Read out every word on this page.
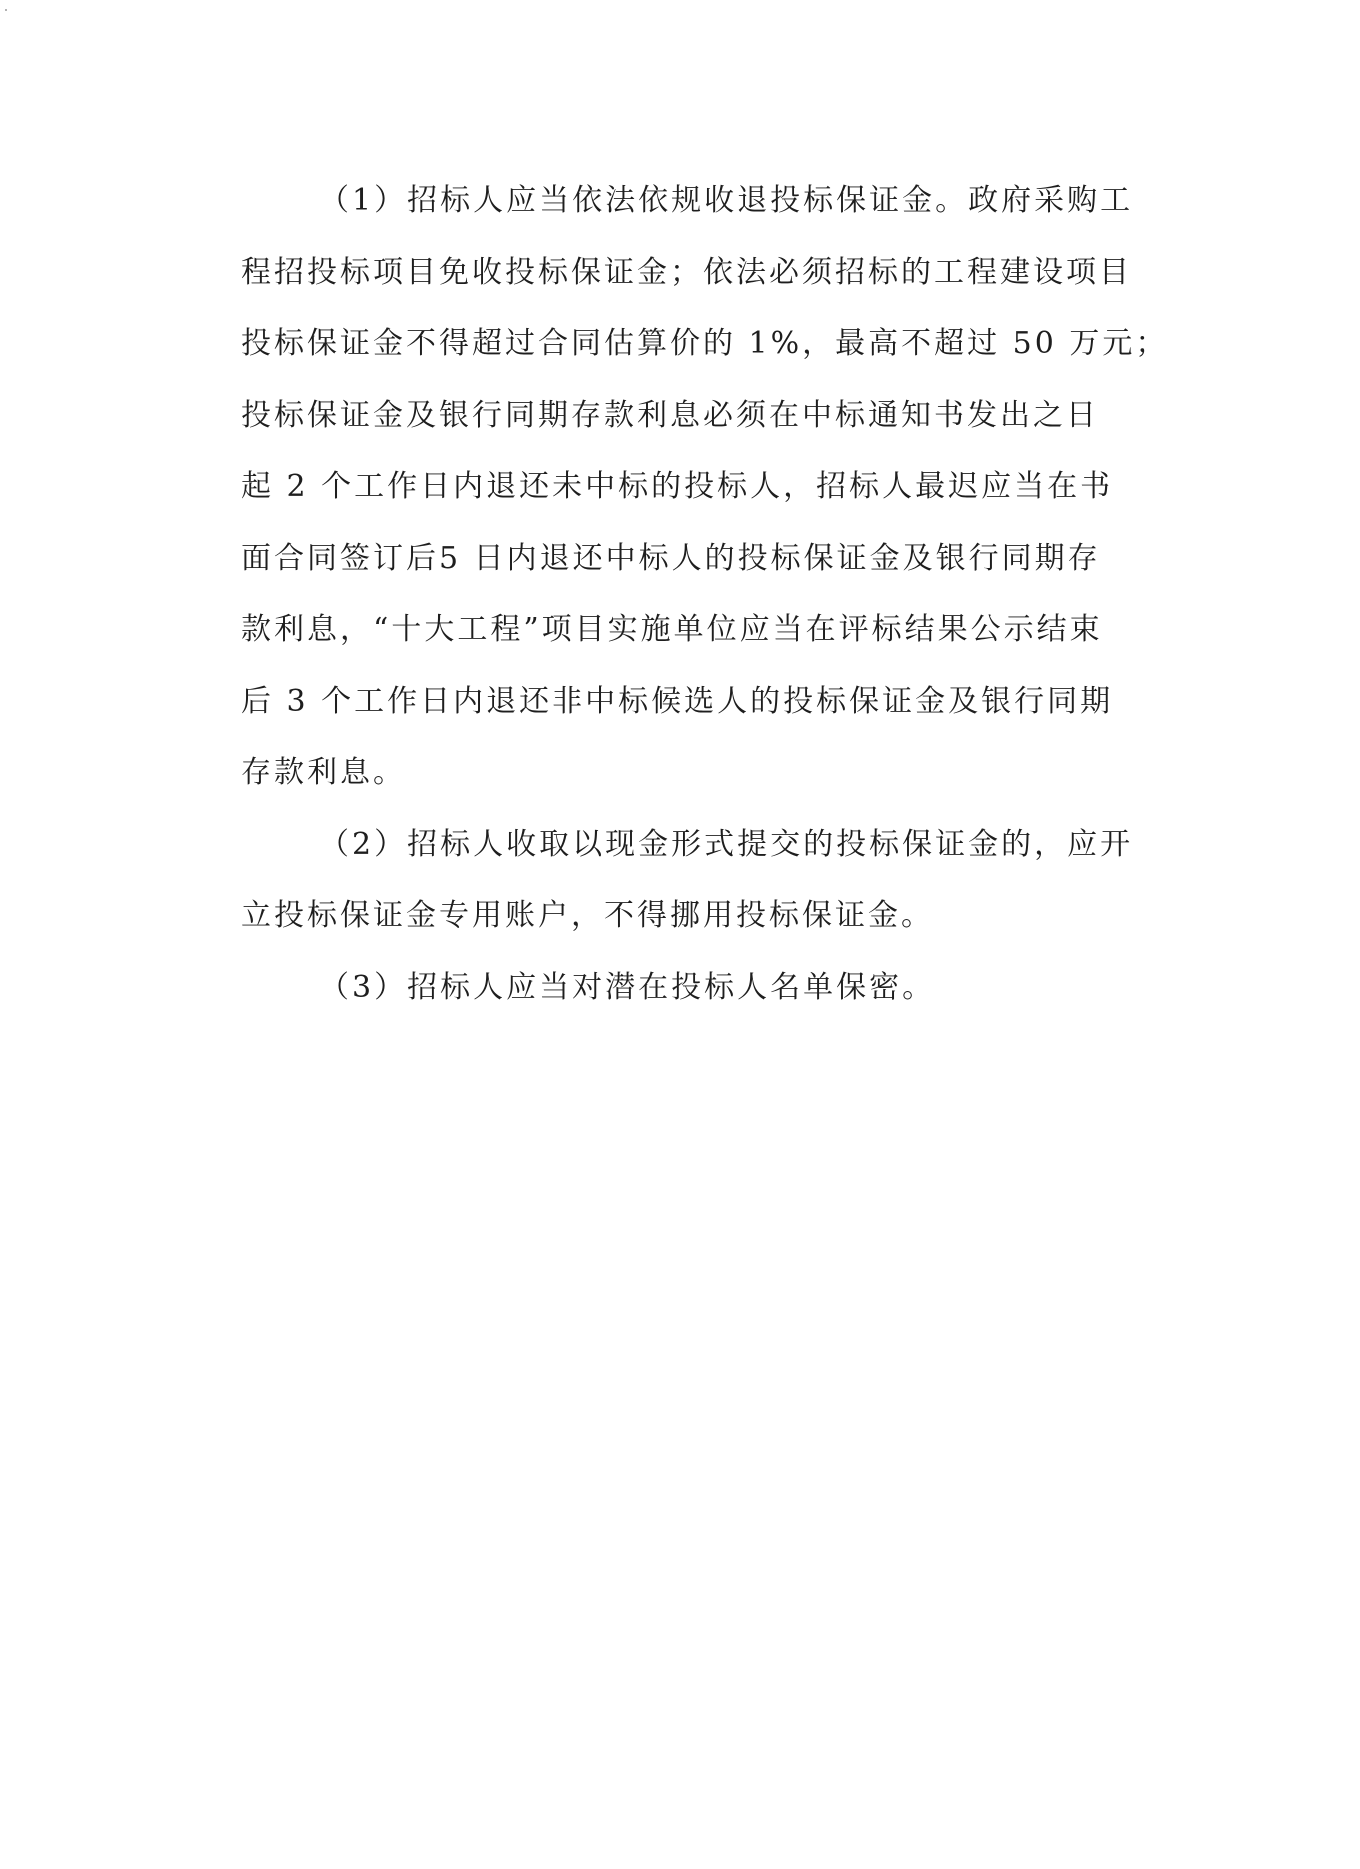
（1）招标人应当依法依规收退投标保证金。政府采购工
程招投标项目免收投标保证金；依法必须招标的工程建设项目
投标保证金不得超过合同估算价的 1%，最高不超过 50 万元；
投标保证金及银行同期存款利息必须在中标通知书发出之日
起 2 个工作日内退还未中标的投标人，招标人最迟应当在书
面合同签订后5 日内退还中标人的投标保证金及银行同期存
款利息，“十大工程”项目实施单位应当在评标结果公示结束
后 3 个工作日内退还非中标候选人的投标保证金及银行同期
存款利息。
（2）招标人收取以现金形式提交的投标保证金的，应开
立投标保证金专用账户，不得挪用投标保证金。
（3）招标人应当对潜在投标人名单保密。
